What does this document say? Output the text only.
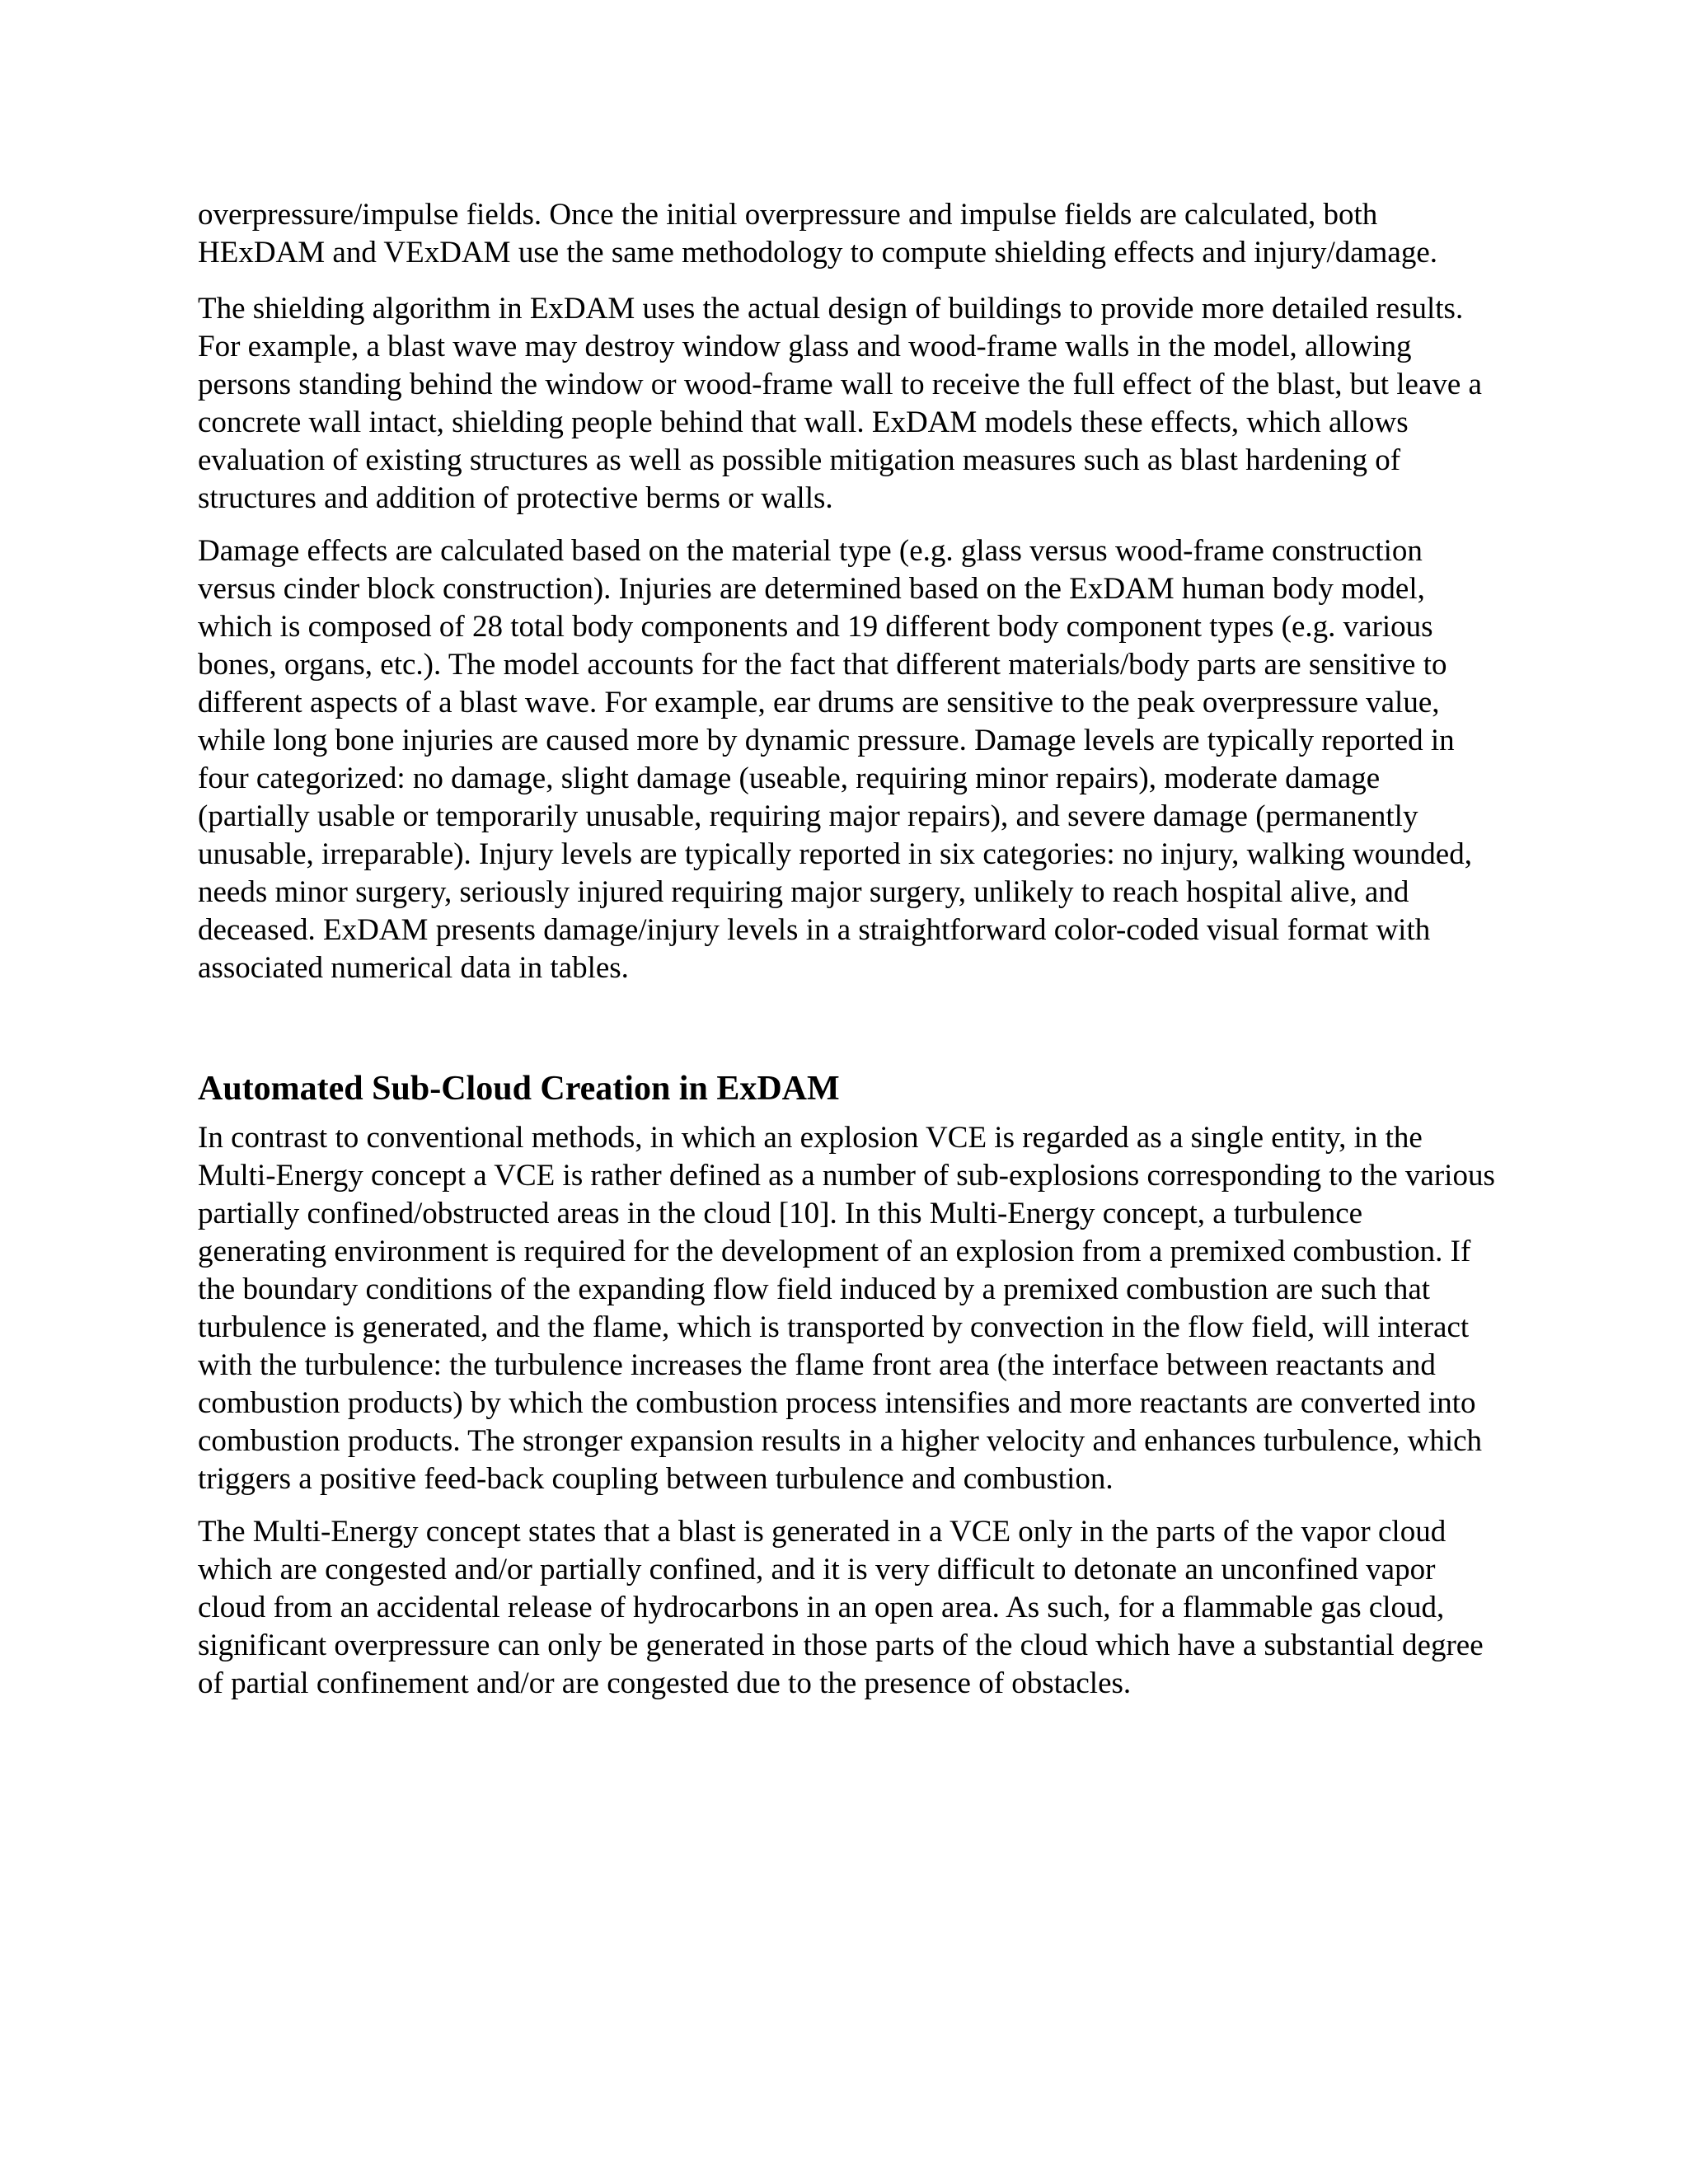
overpressure/impulse fields. Once the initial overpressure and impulse fields are calculated, both HExDAM and VExDAM use the same methodology to compute shielding effects and injury/damage.

The shielding algorithm in ExDAM uses the actual design of buildings to provide more detailed results. For example, a blast wave may destroy window glass and wood-frame walls in the model, allowing persons standing behind the window or wood-frame wall to receive the full effect of the blast, but leave a concrete wall intact, shielding people behind that wall. ExDAM models these effects, which allows evaluation of existing structures as well as possible mitigation measures such as blast hardening of structures and addition of protective berms or walls.

Damage effects are calculated based on the material type (e.g. glass versus wood-frame construction versus cinder block construction). Injuries are determined based on the ExDAM human body model, which is composed of 28 total body components and 19 different body component types (e.g. various bones, organs, etc.). The model accounts for the fact that different materials/body parts are sensitive to different aspects of a blast wave. For example, ear drums are sensitive to the peak overpressure value, while long bone injuries are caused more by dynamic pressure. Damage levels are typically reported in four categorized: no damage, slight damage (useable, requiring minor repairs), moderate damage (partially usable or temporarily unusable, requiring major repairs), and severe damage (permanently unusable, irreparable). Injury levels are typically reported in six categories: no injury, walking wounded, needs minor surgery, seriously injured requiring major surgery, unlikely to reach hospital alive, and deceased. ExDAM presents damage/injury levels in a straightforward color-coded visual format with associated numerical data in tables.

Automated Sub-Cloud Creation in ExDAM

In contrast to conventional methods, in which an explosion VCE is regarded as a single entity, in the Multi-Energy concept a VCE is rather defined as a number of sub-explosions corresponding to the various partially confined/obstructed areas in the cloud [10]. In this Multi-Energy concept, a turbulence generating environment is required for the development of an explosion from a premixed combustion. If the boundary conditions of the expanding flow field induced by a premixed combustion are such that turbulence is generated, and the flame, which is transported by convection in the flow field, will interact with the turbulence: the turbulence increases the flame front area (the interface between reactants and combustion products) by which the combustion process intensifies and more reactants are converted into combustion products. The stronger expansion results in a higher velocity and enhances turbulence, which triggers a positive feed-back coupling between turbulence and combustion.

The Multi-Energy concept states that a blast is generated in a VCE only in the parts of the vapor cloud which are congested and/or partially confined, and it is very difficult to detonate an unconfined vapor cloud from an accidental release of hydrocarbons in an open area. As such, for a flammable gas cloud, significant overpressure can only be generated in those parts of the cloud which have a substantial degree of partial confinement and/or are congested due to the presence of obstacles.
